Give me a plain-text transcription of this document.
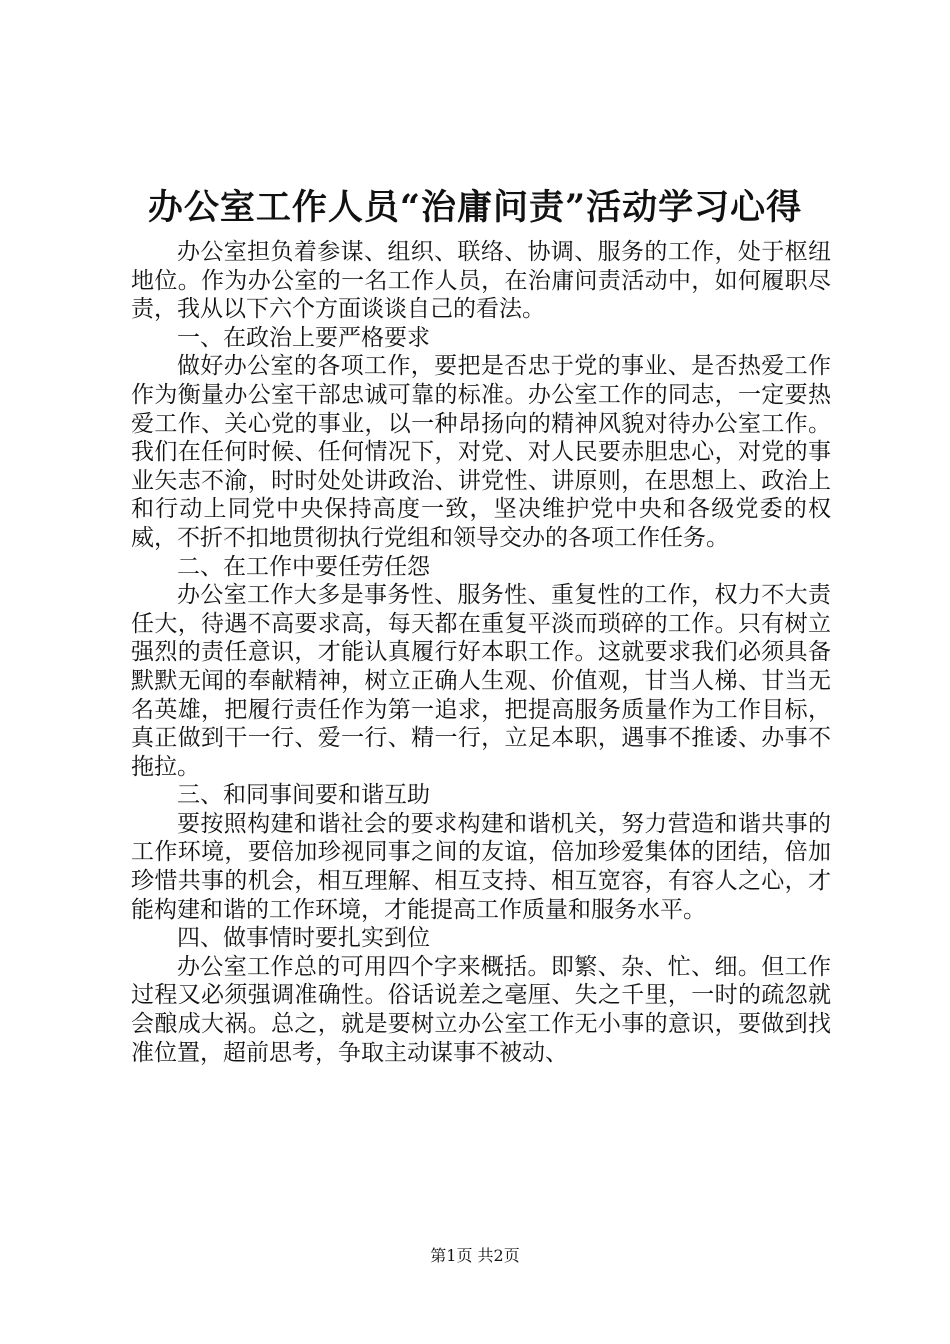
办公室工作人员“治庸问责”活动学习心得

办公室担负着参谋、组织、联络、协调、服务的工作，处于枢纽地位。作为办公室的一名工作人员，在治庸问责活动中，如何履职尽责，我从以下六个方面谈谈自己的看法。

一、在政治上要严格要求

做好办公室的各项工作，要把是否忠于党的事业、是否热爱工作作为衡量办公室干部忠诚可靠的标准。办公室工作的同志，一定要热爱工作、关心党的事业，以一种昂扬向的精神风貌对待办公室工作。我们在任何时候、任何情况下，对党、对人民要赤胆忠心，对党的事业矢志不渝，时时处处讲政治、讲党性、讲原则，在思想上、政治上和行动上同党中央保持高度一致，坚决维护党中央和各级党委的权威，不折不扣地贯彻执行党组和领导交办的各项工作任务。

二、在工作中要任劳任怨

办公室工作大多是事务性、服务性、重复性的工作，权力不大责任大，待遇不高要求高，每天都在重复平淡而琐碎的工作。只有树立强烈的责任意识，才能认真履行好本职工作。这就要求我们必须具备默默无闻的奉献精神，树立正确人生观、价值观，甘当人梯、甘当无名英雄，把履行责任作为第一追求，把提高服务质量作为工作目标，真正做到干一行、爱一行、精一行，立足本职，遇事不推诿、办事不拖拉。

三、和同事间要和谐互助

要按照构建和谐社会的要求构建和谐机关，努力营造和谐共事的工作环境，要倍加珍视同事之间的友谊，倍加珍爱集体的团结，倍加珍惜共事的机会，相互理解、相互支持、相互宽容，有容人之心，才能构建和谐的工作环境，才能提高工作质量和服务水平。

四、做事情时要扎实到位

办公室工作总的可用四个字来概括。即繁、杂、忙、细。但工作过程又必须强调准确性。俗话说差之毫厘、失之千里，一时的疏忽就会酿成大祸。总之，就是要树立办公室工作无小事的意识，要做到找准位置，超前思考，争取主动谋事不被动、

第1页 共2页
